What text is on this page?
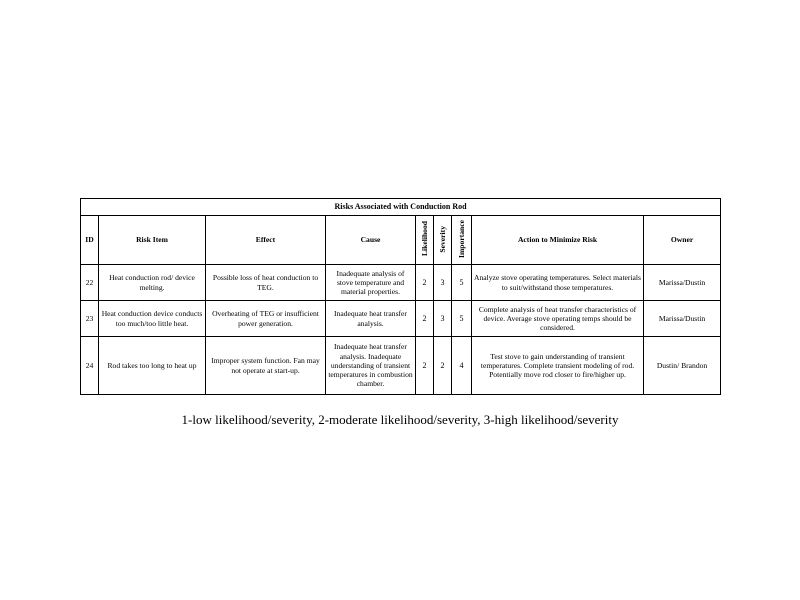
Risks Associated with Conduction Rod								
ID	Risk Item	Effect	Cause	Likelihood	Severity	Importance	Action to Minimize Risk	Owner
22	Heat conduction rod/ device melting.	Possible loss of heat conduction to TEG.	Inadequate analysis of stove temperature and material properties.	2	3	5	Analyze stove operating temperatures. Select materials to suit/withstand those temperatures.	Marissa/Dustin
23	Heat conduction device conducts too much/too little heat.	Overheating of TEG or insufficient power generation.	Inadequate heat transfer analysis.	2	3	5	Complete analysis of heat transfer characteristics of device. Average stove operating temps should be considered.	Marissa/Dustin
24	Rod takes too long to heat up	Improper system function. Fan may not operate at start-up.	Inadequate heat transfer analysis. Inadequate understanding of transient temperatures in combustion chamber.	2	2	4	Test stove to gain understanding of transient temperatures. Complete transient modeling of rod. Potentially move rod closer to fire/higher up.	Dustin/ Brandon
1-low likelihood/severity, 2-moderate likelihood/severity, 3-high likelihood/severity
